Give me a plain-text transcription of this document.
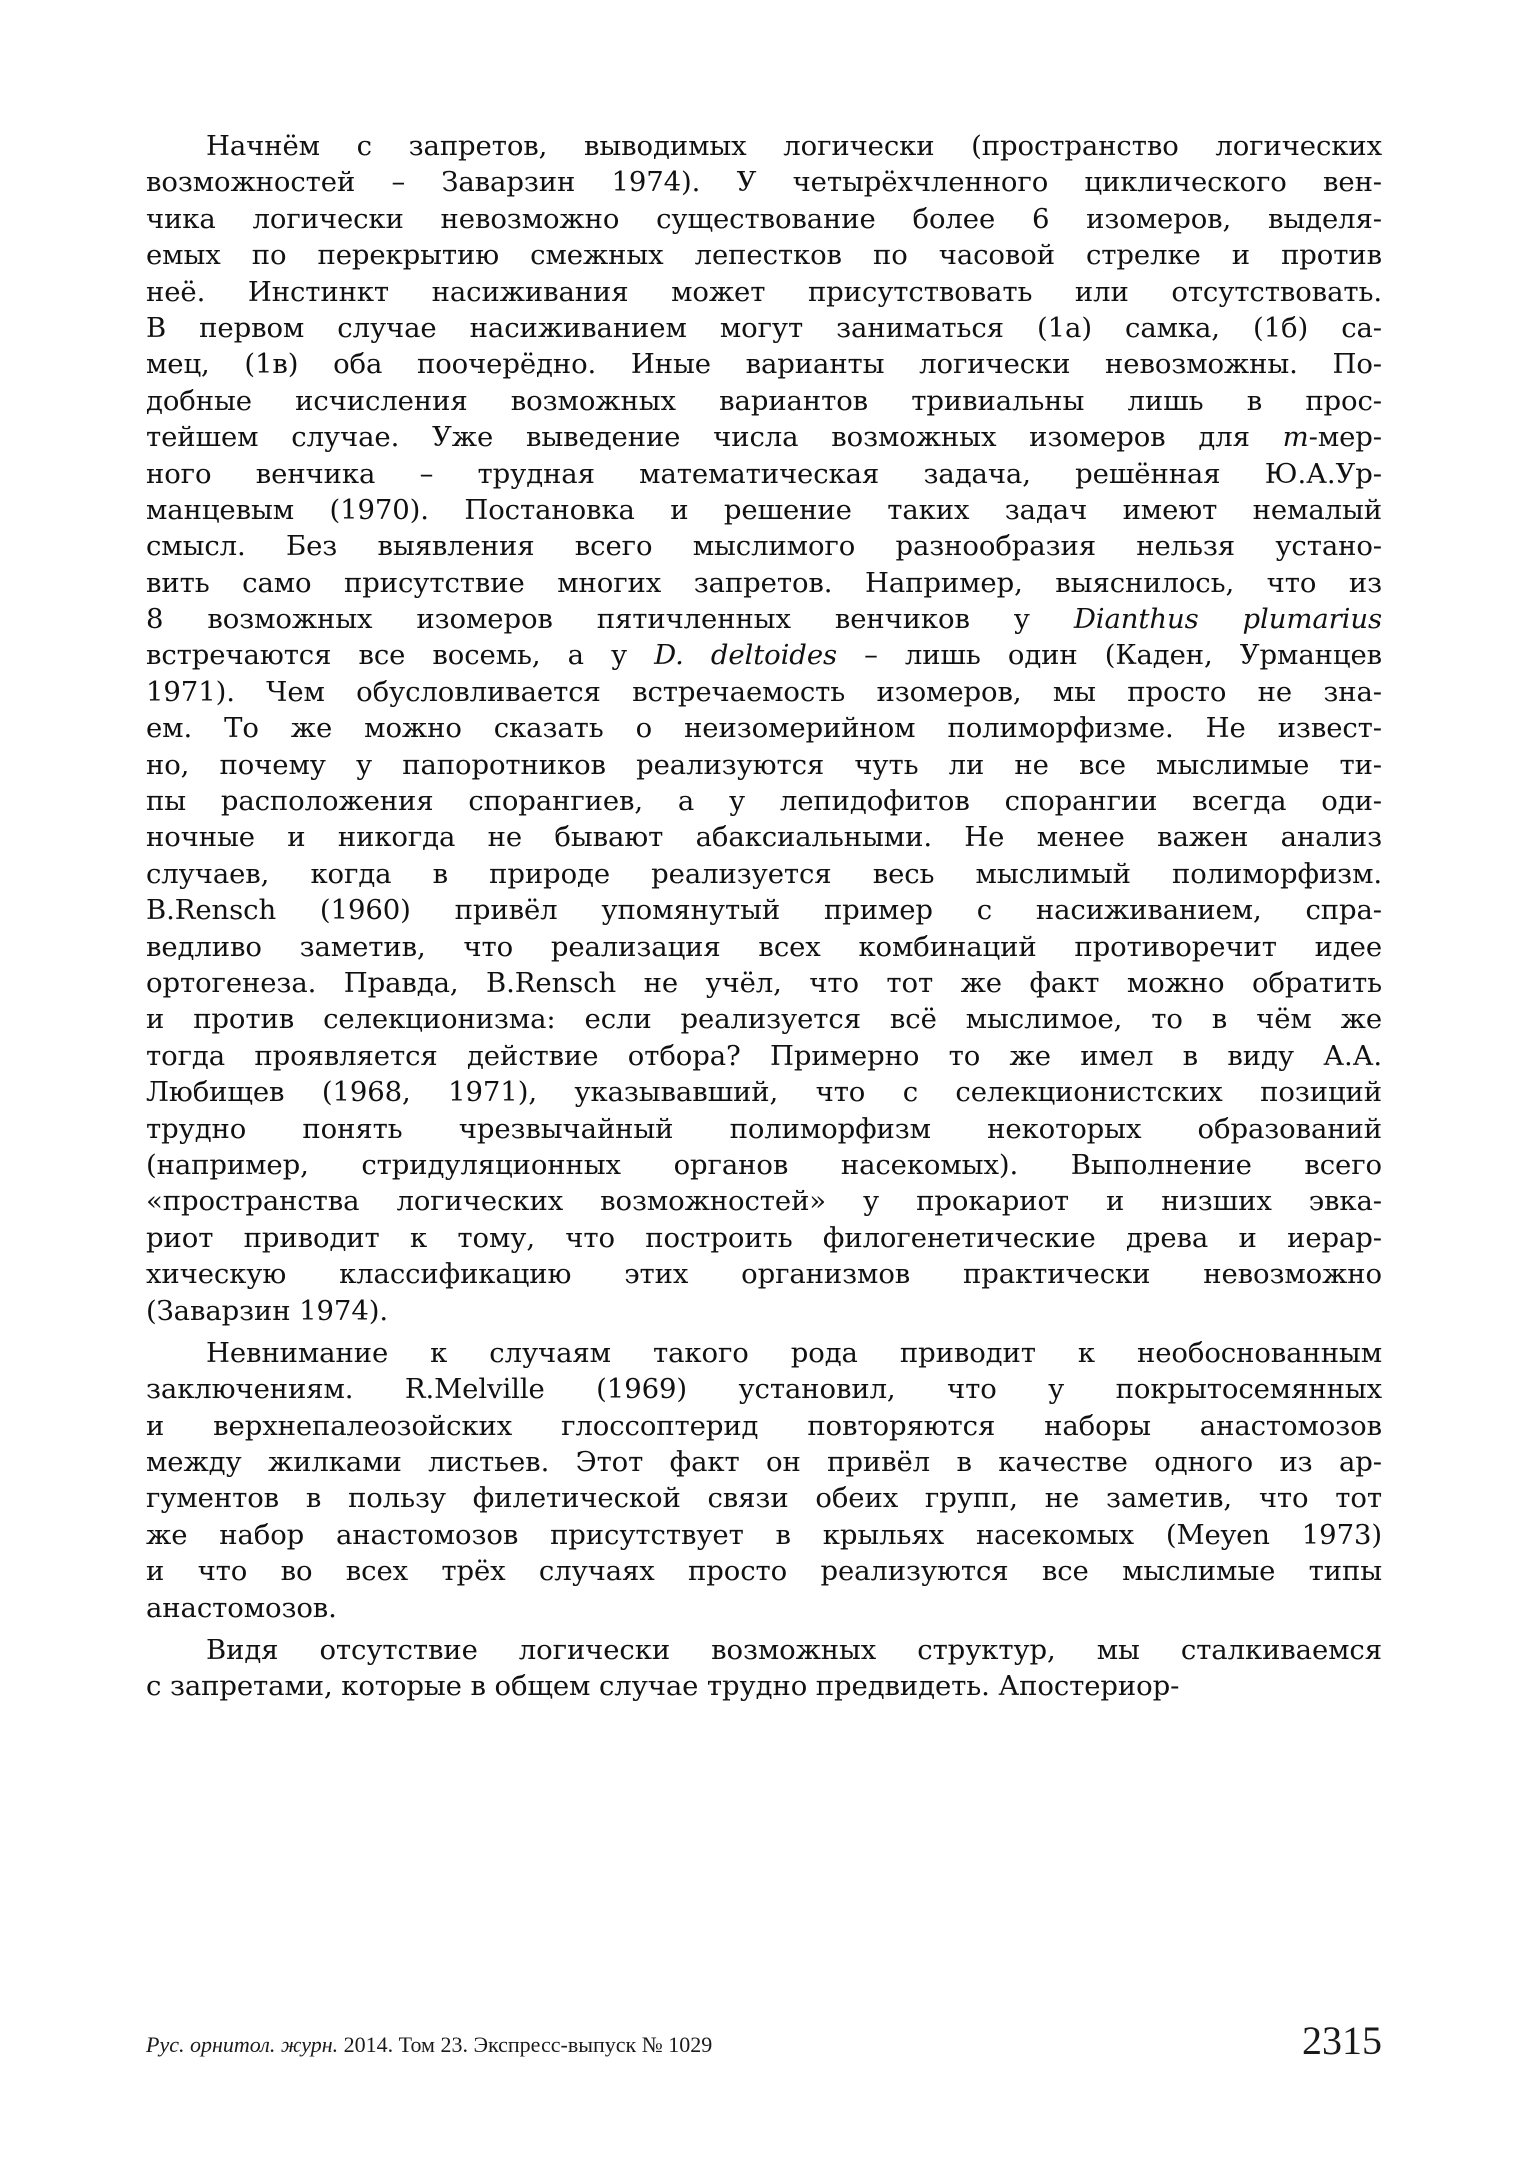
Начнём с запретов, выводимых логически (пространство логических
возможностей – Заварзин 1974). У четырёхчленного циклического вен-
чика логически невозможно существование более 6 изомеров, выделя-
емых по перекрытию смежных лепестков по часовой стрелке и против
неё. Инстинкт насиживания может присутствовать или отсутствовать.
В первом случае насиживанием могут заниматься (1а) самка, (1б) са-
мец, (1в) оба поочерёдно. Иные варианты логически невозможны. По-
добные исчисления возможных вариантов тривиальны лишь в прос-
тейшем случае. Уже выведение числа возможных изомеров для m-мер-
ного венчика – трудная математическая задача, решённая Ю.А.Ур-
манцевым (1970). Постановка и решение таких задач имеют немалый
смысл. Без выявления всего мыслимого разнообразия нельзя устано-
вить само присутствие многих запретов. Например, выяснилось, что из
8 возможных изомеров пятичленных венчиков у Dianthus plumarius
встречаются все восемь, а у D. deltoides – лишь один (Каден, Урманцев
1971). Чем обусловливается встречаемость изомеров, мы просто не зна-
ем. То же можно сказать о неизомерийном полиморфизме. Не извест-
но, почему у папоротников реализуются чуть ли не все мыслимые ти-
пы расположения спорангиев, а у лепидофитов спорангии всегда оди-
ночные и никогда не бывают абаксиальными. Не менее важен анализ
случаев, когда в природе реализуется весь мыслимый полиморфизм.
B.Rensch (1960) привёл упомянутый пример с насиживанием, спра-
ведливо заметив, что реализация всех комбинаций противоречит идее
ортогенеза. Правда, B.Rensch не учёл, что тот же факт можно обратить
и против селекционизма: если реализуется всё мыслимое, то в чём же
тогда проявляется действие отбора? Примерно то же имел в виду А.А.
Любищев (1968, 1971), указывавший, что с селекционистских позиций
трудно понять чрезвычайный полиморфизм некоторых образований
(например, стридуляционных органов насекомых). Выполнение всего
«пространства логических возможностей» у прокариот и низших эвка-
риот приводит к тому, что построить филогенетические древа и иерар-
хическую классификацию этих организмов практически невозможно
(Заварзин 1974).
Невнимание к случаям такого рода приводит к необоснованным
заключениям. R.Melville (1969) установил, что у покрытосемянных
и верхнепалеозойских глоссоптерид повторяются наборы анастомозов
между жилками листьев. Этот факт он привёл в качестве одного из ар-
гументов в пользу филетической связи обеих групп, не заметив, что тот
же набор анастомозов присутствует в крыльях насекомых (Meyen 1973)
и что во всех трёх случаях просто реализуются все мыслимые типы
анастомозов.
Видя отсутствие логически возможных структур, мы сталкиваемся
с запретами, которые в общем случае трудно предвидеть. Апостериор-
Рус. орнитол. журн. 2014. Том 23. Экспресс-выпуск № 1029	2315
